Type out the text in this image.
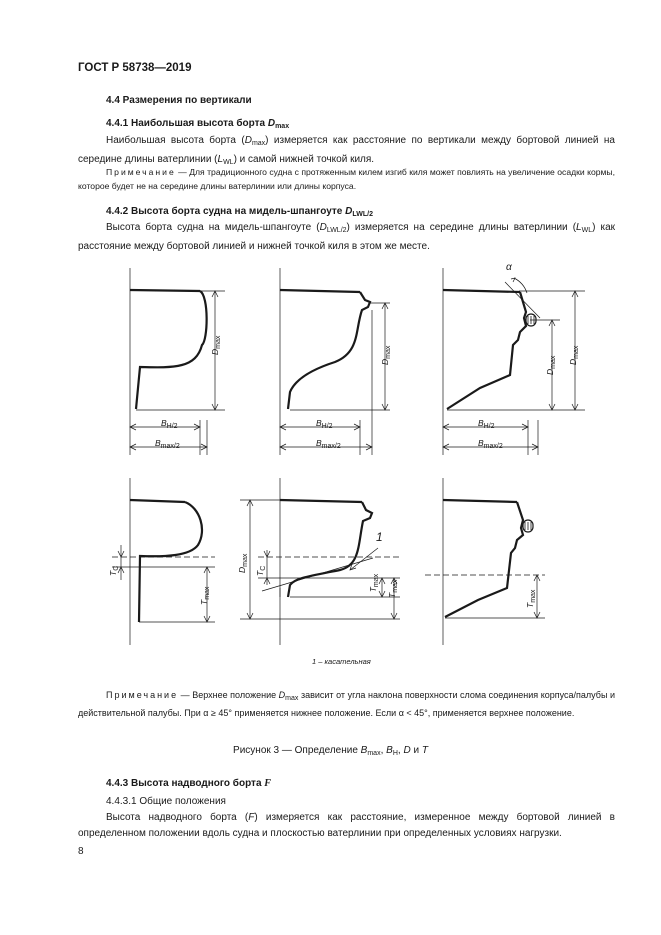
ГОСТ Р 58738—2019
4.4 Размерения по вертикали
4.4.1 Наибольшая высота борта $D_{max}$
Наибольшая высота борта $(D_{max})$ измеряется как расстояние по вертикали между бортовой линией на середине длины ватерлинии $(L_{WL})$ и самой нижней точкой киля.
Примечание — Для традиционного судна с протяженным килем изгиб киля может повлиять на увеличение осадки кормы, которое будет не на середине длины ватерлинии или длины корпуса.
4.4.2 Высота борта судна на мидель-шпангоуте $D_{LWL/2}$
Высота борта судна на мидель-шпангоуте $(D_{LWL/2})$ измеряется на середине длины ватерлинии $(L_{WL})$ как расстояние между бортовой линией и нижней точкой киля в этом же месте.
$B_{H/2}$
$B_{max/2}$
$D_{max}$
$B_{H/2}$
$B_{max/2}$
$D_{max}$
$B_{H/2}$
$B_{max/2}$
$D_{max}$ $D_{max}$
α
$T_C$
$T_{max}$
$D_{max}$
$T_C$
$T_{max}$
$T_{max}$
1
$T_{max}$
1 – касательная
Примечание — Верхнее положение $D_{max}$ зависит от угла наклона поверхности слома соединения корпуса/палубы и действительной палубы. При α ≥ 45° применяется нижнее положение. Если α < 45°, применяется верхнее положение.
Рисунок 3 — Определение $B_{max}$, $B_H$, D и T
4.4.3 Высота надводного борта F
4.4.3.1 Общие положения
Высота надводного борта (F) измеряется как расстояние, измеренное между бортовой линией в определенном положении вдоль судна и плоскостью ватерлинии при определенных условиях нагрузки.
8
